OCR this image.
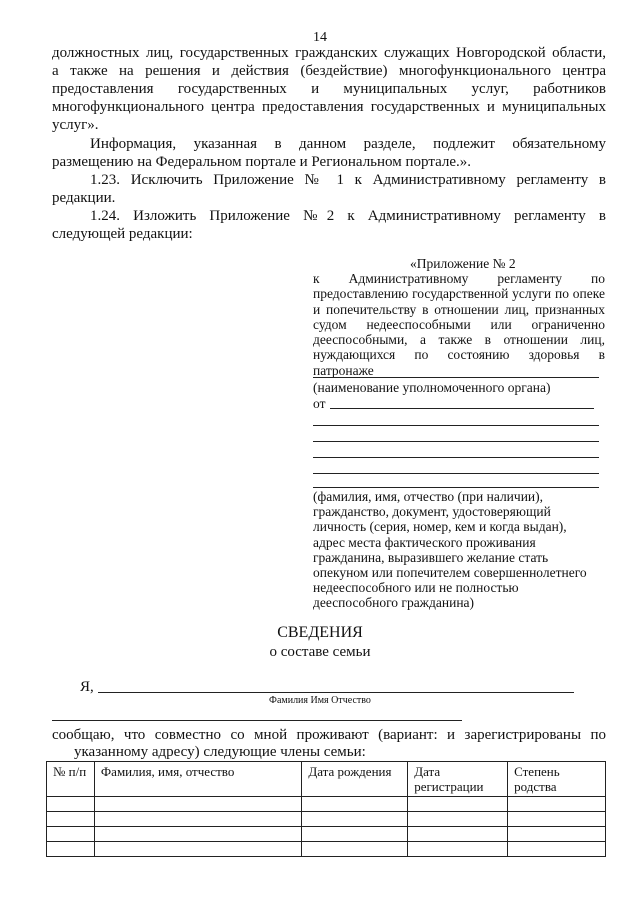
14
должностных лиц, государственных гражданских служащих Новгородской области,
а также на решения и действия (бездействие) многофункционального центра
предоставления государственных и муниципальных услуг, работников
многофункционального центра предоставления государственных и муниципальных
услуг».
Информация, указанная в данном разделе, подлежит обязательному
размещению на Федеральном портале и Региональном портале.».
1.23. Исключить Приложение № 1 к Административному регламенту в
редакции.
1.24. Изложить Приложение №2 к Административному регламенту в
следующей редакции:
«Приложение № 2
к Административному регламенту по
предоставлению государственной услуги по опеке
и попечительству в отношении лиц, признанных
судом недееспособными или ограниченно
дееспособными, а также в отношении лиц,
нуждающихся по состоянию здоровья в патронаже
(наименование уполномоченного органа)
от
(фамилия, имя, отчество (при наличии),
гражданство, документ, удостоверяющий
личность (серия, номер, кем и когда выдан),
адрес места фактического проживания
гражданина, выразившего желание стать
опекуном или попечителем совершеннолетнего
недееспособного или не полностью
дееспособного гражданина)
СВЕДЕНИЯ
о составе семьи
Я,
Фамилия Имя Отчество
сообщаю, что совместно со мной проживают (вариант: и зарегистрированы по
указанному адресу) следующие члены семьи:
№ п/п	Фамилия, имя, отчество	Дата рождения	Дата регистрации	Степень родства
